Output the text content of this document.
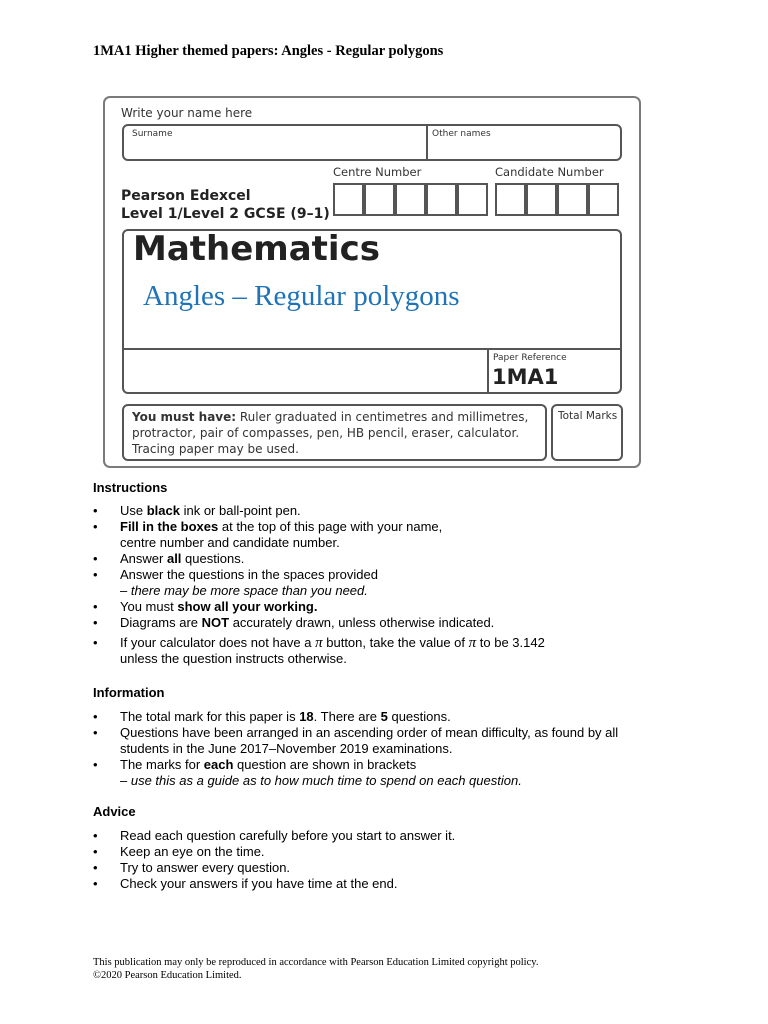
1MA1 Higher themed papers: Angles - Regular polygons
Write your name here
Surname	Other names
Centre Number	Candidate Number
Pearson Edexcel
Level 1/Level 2 GCSE (9–1)
Mathematics
Angles – Regular polygons
Paper Reference
1MA1
You must have: Ruler graduated in centimetres and millimetres,
protractor, pair of compasses, pen, HB pencil, eraser, calculator.
Tracing paper may be used.
Total Marks
Instructions
• Use black ink or ball-point pen.
• Fill in the boxes at the top of this page with your name,
centre number and candidate number.
• Answer all questions.
• Answer the questions in the spaces provided
– there may be more space than you need.
• You must show all your working.
• Diagrams are NOT accurately drawn, unless otherwise indicated.
• If your calculator does not have a π button, take the value of π to be 3.142
unless the question instructs otherwise.
Information
• The total mark for this paper is 18. There are 5 questions.
• Questions have been arranged in an ascending order of mean difficulty, as found by all
students in the June 2017–November 2019 examinations.
• The marks for each question are shown in brackets
– use this as a guide as to how much time to spend on each question.
Advice
• Read each question carefully before you start to answer it.
• Keep an eye on the time.
• Try to answer every question.
• Check your answers if you have time at the end.
This publication may only be reproduced in accordance with Pearson Education Limited copyright policy.
©2020 Pearson Education Limited.
